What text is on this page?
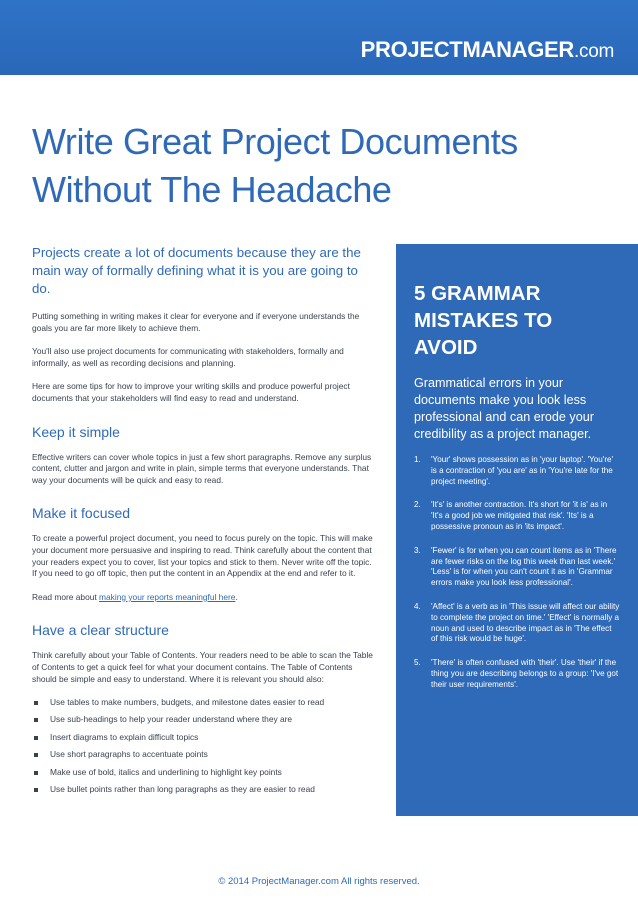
PROJECTMANAGER.com
Write Great Project Documents
Without The Headache

Projects create a lot of documents because they are the main way of formally defining what it is you are going to do.

Putting something in writing makes it clear for everyone and if everyone understands the goals you are far more likely to achieve them.

You'll also use project documents for communicating with stakeholders, formally and informally, as well as recording decisions and planning.

Here are some tips for how to improve your writing skills and produce powerful project documents that your stakeholders will find easy to read and understand.

Keep it simple

Effective writers can cover whole topics in just a few short paragraphs. Remove any surplus content, clutter and jargon and write in plain, simple terms that everyone understands. That way your documents will be quick and easy to read.

Make it focused

To create a powerful project document, you need to focus purely on the topic. This will make your document more persuasive and inspiring to read. Think carefully about the content that your readers expect you to cover, list your topics and stick to them. Never write off the topic. If you need to go off topic, then put the content in an Appendix at the end and refer to it.

Read more about making your reports meaningful here.

Have a clear structure

Think carefully about your Table of Contents. Your readers need to be able to scan the Table of Contents to get a quick feel for what your document contains. The Table of Contents should be simple and easy to understand. Where it is relevant you should also:

Use tables to make numbers, budgets, and milestone dates easier to read
Use sub-headings to help your reader understand where they are
Insert diagrams to explain difficult topics
Use short paragraphs to accentuate points
Make use of bold, italics and underlining to highlight key points
Use bullet points rather than long paragraphs as they are easier to read
5 GRAMMAR
MISTAKES TO
AVOID

Grammatical errors in your documents make you look less professional and can erode your credibility as a project manager.

1. 'Your' shows possession as in 'your laptop'. 'You're' is a contraction of 'you are' as in 'You're late for the project meeting'.
2. 'It's' is another contraction. It's short for 'it is' as in 'It's a good job we mitigated that risk'. 'Its' is a possessive pronoun as in 'its impact'.
3. 'Fewer' is for when you can count items as in 'There are fewer risks on the log this week than last week.' 'Less' is for when you can't count it as in 'Grammar errors make you look less professional'.
4. 'Affect' is a verb as in 'This issue will affect our ability to complete the project on time.' 'Effect' is normally a noun and used to describe impact as in 'The effect of this risk would be huge'.
5. 'There' is often confused with 'their'. Use 'their' if the thing you are describing belongs to a group: 'I've got their user requirements'.
© 2014 ProjectManager.com All rights reserved.
